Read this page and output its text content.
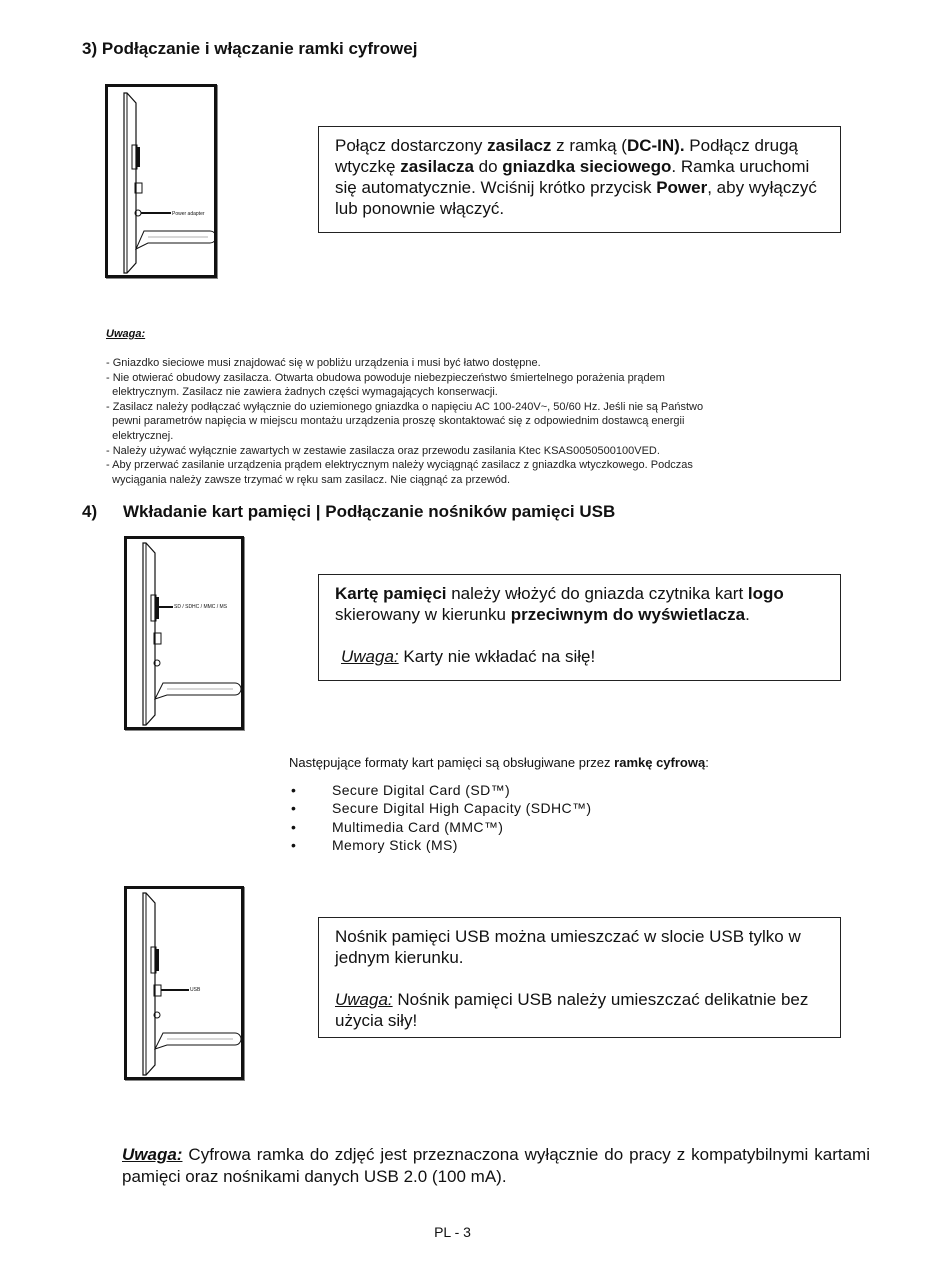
3) Podłączanie i włączanie ramki cyfrowej
Power adapter
Połącz dostarczony zasilacz z ramką (DC-IN). Podłącz drugą wtyczkę zasilacza do gniazdka sieciowego. Ramka uruchomi się automatycznie. Wciśnij krótko przycisk Power, aby wyłączyć lub ponownie włączyć.
Uwaga:
- Gniazdko sieciowe musi znajdować się w pobliżu urządzenia i musi być łatwo dostępne.
- Nie otwierać obudowy zasilacza. Otwarta obudowa powoduje niebezpieczeństwo śmiertelnego porażenia prądem
elektrycznym. Zasilacz nie zawiera żadnych części wymagających konserwacji.
- Zasilacz należy podłączać wyłącznie do uziemionego gniazdka o napięciu AC 100-240V~, 50/60 Hz. Jeśli nie są Państwo
pewni parametrów napięcia w miejscu montażu urządzenia proszę skontaktować się z odpowiednim dostawcą energii
elektrycznej.
- Należy używać wyłącznie zawartych w zestawie zasilacza oraz przewodu zasilania Ktec KSAS0050500100VED.
- Aby przerwać zasilanie urządzenia prądem elektrycznym należy wyciągnąć zasilacz z gniazdka wtyczkowego. Podczas
wyciągania należy zawsze trzymać w ręku sam zasilacz. Nie ciągnąć za przewód.
4) Wkładanie kart pamięci | Podłączanie nośników pamięci USB
SD / SDHC / MMC / MS
Kartę pamięci należy włożyć do gniazda czytnika kart logo skierowany w kierunku przeciwnym do wyświetlacza.
Uwaga: Karty nie wkładać na siłę!
Następujące formaty kart pamięci są obsługiwane przez ramkę cyfrową:
• Secure Digital Card (SD™)
• Secure Digital High Capacity (SDHC™)
• Multimedia Card (MMC™)
• Memory Stick (MS)
USB
Nośnik pamięci USB można umieszczać w slocie USB tylko w jednym kierunku.
Uwaga: Nośnik pamięci USB należy umieszczać delikatnie bez użycia siły!
Uwaga: Cyfrowa ramka do zdjęć jest przeznaczona wyłącznie do pracy z kompatybilnymi kartami pamięci oraz nośnikami danych USB 2.0 (100 mA).
PL - 3
